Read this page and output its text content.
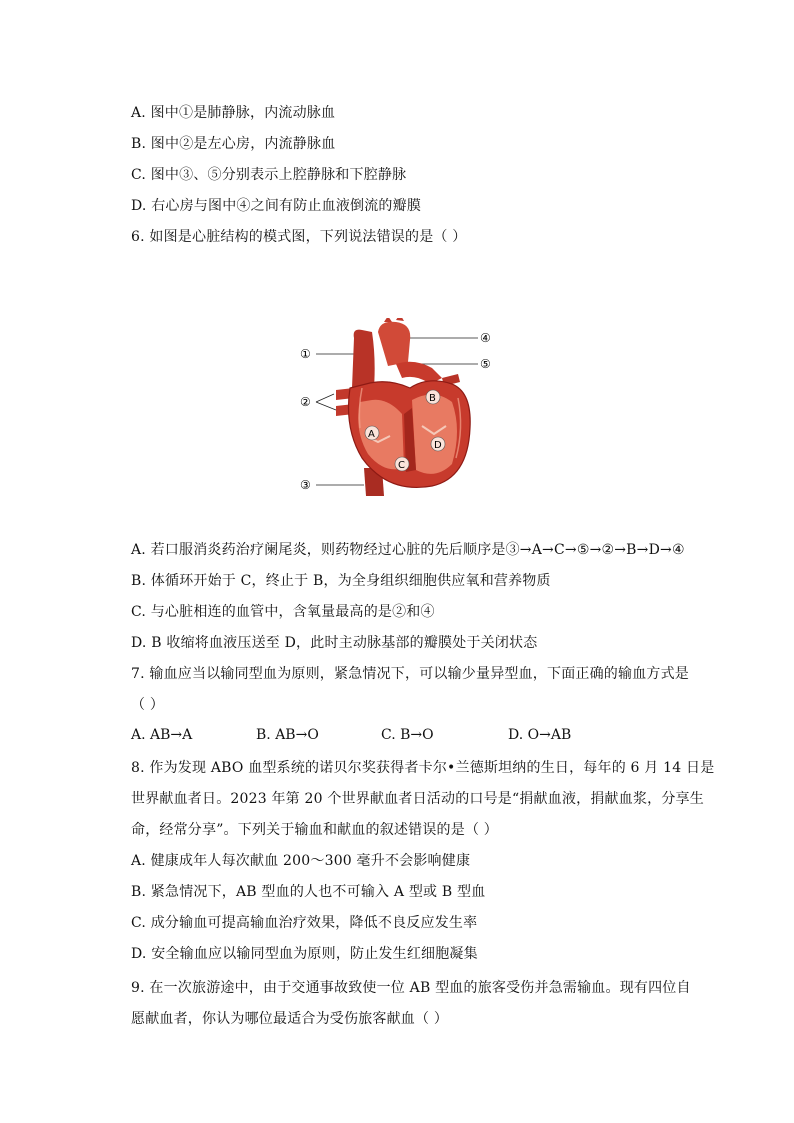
A. 图中①是肺静脉，内流动脉血
B. 图中②是左心房，内流静脉血
C. 图中③、⑤分别表示上腔静脉和下腔静脉
D. 右心房与图中④之间有防止血液倒流的瓣膜
6. 如图是心脏结构的模式图，下列说法错误的是（ ）
①
②
③
④
⑤
A
B
C
D
A. 若口服消炎药治疗阑尾炎，则药物经过心脏的先后顺序是③→A→C→⑤→②→B→D→④
B. 体循环开始于 C，终止于 B，为全身组织细胞供应氧和营养物质
C. 与心脏相连的血管中，含氧量最高的是②和④
D. B 收缩将血液压送至 D，此时主动脉基部的瓣膜处于关闭状态
7. 输血应当以输同型血为原则，紧急情况下，可以输少量异型血，下面正确的输血方式是
（ ）
A. AB→A	B. AB→O	C. B→O	D. O→AB
8. 作为发现 ABO 血型系统的诺贝尔奖获得者卡尔•兰德斯坦纳的生日，每年的 6 月 14 日是
世界献血者日。2023 年第 20 个世界献血者日活动的口号是“捐献血液，捐献血浆，分享生
命，经常分享”。下列关于输血和献血的叙述错误的是（ ）
A. 健康成年人每次献血 200～300 毫升不会影响健康
B. 紧急情况下，AB 型血的人也不可输入 A 型或 B 型血
C. 成分输血可提高输血治疗效果，降低不良反应发生率
D. 安全输血应以输同型血为原则，防止发生红细胞凝集
9. 在一次旅游途中，由于交通事故致使一位 AB 型血的旅客受伤并急需输血。现有四位自
愿献血者，你认为哪位最适合为受伤旅客献血（ ）
